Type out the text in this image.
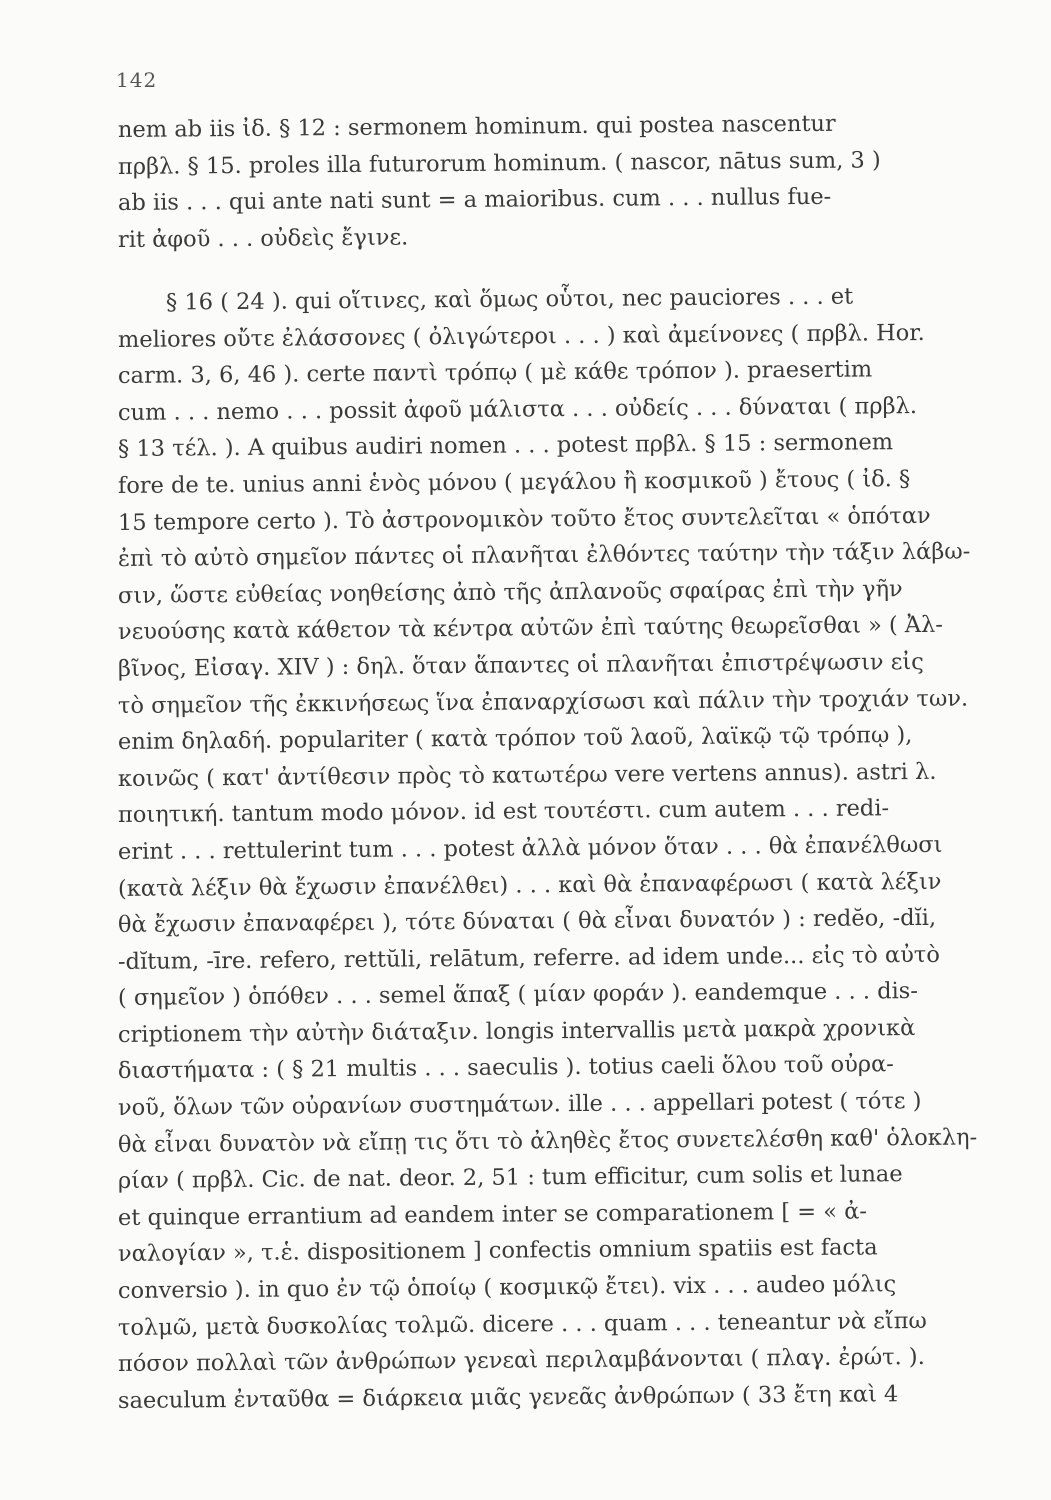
142
nem ab iis ἰδ. § 12 : sermonem hominum. qui postea nascentur
πρβλ. § 15. proles illa futurorum hominum. ( nascor, nātus sum, 3 )
ab iis . . . qui ante nati sunt = a maioribus. cum . . . nullus fue-
rit ἀφοῦ . . . οὐδεὶς ἔγινε.
§ 16 ( 24 ). qui οἵτινες, καὶ ὅμως οὗτοι, nec pauciores . . . et
meliores οὔτε ἐλάσσονες ( ὀλιγώτεροι . . . ) καὶ ἀμείνονες ( πρβλ. Hor.
carm. 3, 6, 46 ). certe παντὶ τρόπῳ ( μὲ κάθε τρόπον ). praesertim
cum . . . nemo . . . possit ἀφοῦ μάλιστα . . . οὐδείς . . . δύναται ( πρβλ.
§ 13 τέλ. ). A quibus audiri nomen . . . potest πρβλ. § 15 : sermonem
fore de te. unius anni ἑνὸς μόνου ( μεγάλου ἢ κοσμικοῦ ) ἔτους ( ἰδ. §
15 tempore certo ). Τὸ ἀστρονομικὸν τοῦτο ἔτος συντελεῖται « ὁπόταν
ἐπὶ τὸ αὐτὸ σημεῖον πάντες οἱ πλανῆται ἐλθόντες ταύτην τὴν τάξιν λάβω-
σιν, ὥστε εὐθείας νοηθείσης ἀπὸ τῆς ἀπλανοῦς σφαίρας ἐπὶ τὴν γῆν
νευούσης κατὰ κάθετον τὰ κέντρα αὐτῶν ἐπὶ ταύτης θεωρεῖσθαι » ( Ἀλ-
βῖνος, Εἰσαγ. XIV ) : δηλ. ὅταν ἅπαντες οἱ πλανῆται ἐπιστρέψωσιν εἰς
τὸ σημεῖον τῆς ἐκκινήσεως ἵνα ἐπαναρχίσωσι καὶ πάλιν τὴν τροχιάν των.
enim δηλαδή. populariter ( κατὰ τρόπον τοῦ λαοῦ, λαϊκῷ τῷ τρόπῳ ),
κοινῶς ( κατ' ἀντίθεσιν πρὸς τὸ κατωτέρω vere vertens annus). astri λ.
ποιητική. tantum modo μόνον. id est τουτέστι. cum autem . . . redi-
erint . . . rettulerint tum . . . potest ἀλλὰ μόνον ὅταν . . . θὰ ἐπανέλθωσι
(κατὰ λέξιν θὰ ἔχωσιν ἐπανέλθει) . . . καὶ θὰ ἐπαναφέρωσι ( κατὰ λέξιν
θὰ ἔχωσιν ἐπαναφέρει ), τότε δύναται ( θὰ εἶναι δυνατόν ) : redĕo, -dĭi,
-dĭtum, -īre. refero, rettŭli, relātum, referre. ad idem unde... εἰς τὸ αὐτὸ
( σημεῖον ) ὁπόθεν . . . semel ἅπαξ ( μίαν φοράν ). eandemque . . . dis-
criptionem τὴν αὐτὴν διάταξιν. longis intervallis μετὰ μακρὰ χρονικὰ
διαστήματα : ( § 21 multis . . . saeculis ). totius caeli ὅλου τοῦ οὐρα-
νοῦ, ὅλων τῶν οὐρανίων συστημάτων. ille . . . appellari potest ( τότε )
θὰ εἶναι δυνατὸν νὰ εἴπῃ τις ὅτι τὸ ἀληθὲς ἔτος συνετελέσθη καθ' ὁλοκλη-
ρίαν ( πρβλ. Cic. de nat. deor. 2, 51 : tum efficitur, cum solis et lunae
et quinque errantium ad eandem inter se comparationem [ = « ἀ-
ναλογίαν », τ.ἑ. dispositionem ] confectis omnium spatiis est facta
conversio ). in quo ἐν τῷ ὁποίῳ ( κοσμικῷ ἔτει). vix . . . audeo μόλις
τολμῶ, μετὰ δυσκολίας τολμῶ. dicere . . . quam . . . teneantur νὰ εἴπω
πόσον πολλαὶ τῶν ἀνθρώπων γενεαὶ περιλαμβάνονται ( πλαγ. ἐρώτ. ).
saeculum ἐνταῦθα = διάρκεια μιᾶς γενεᾶς ἀνθρώπων ( 33 ἔτη καὶ 4
